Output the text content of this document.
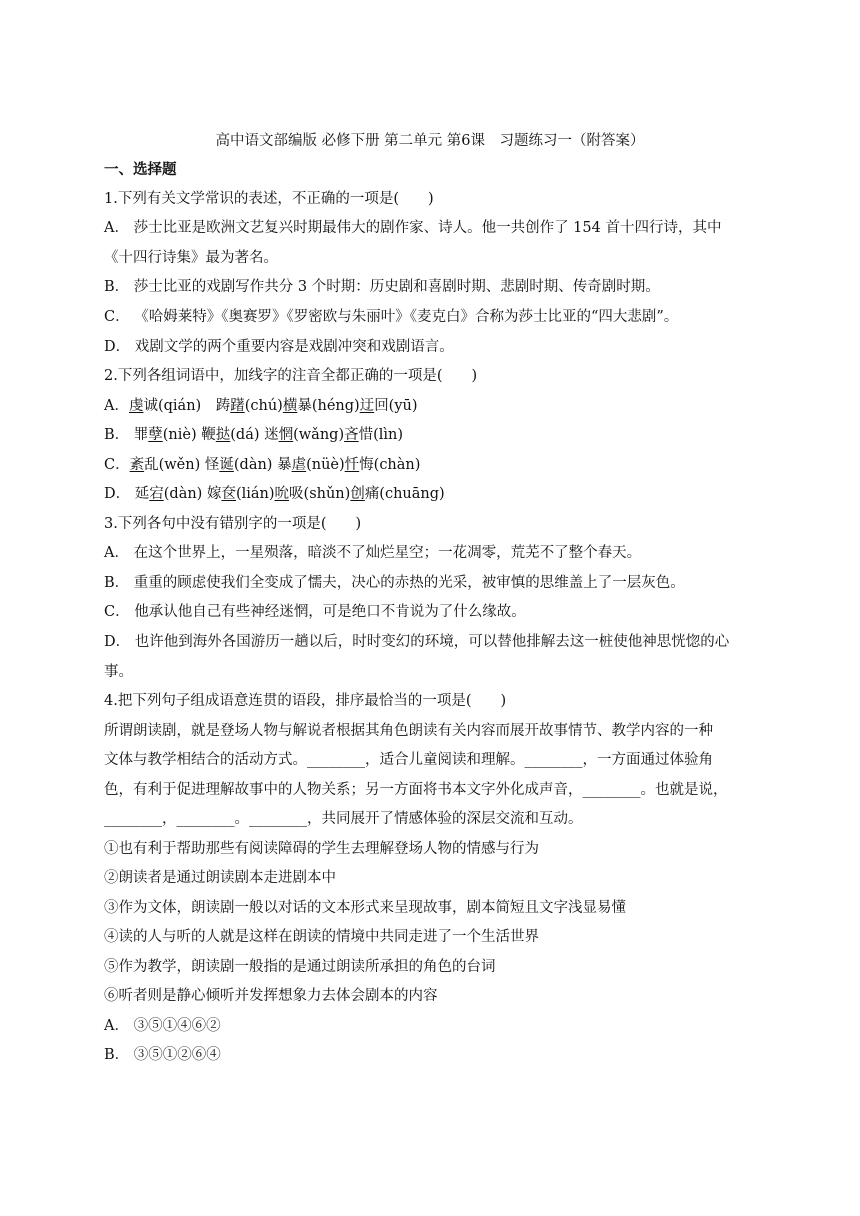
高中语文部编版 必修下册 第二单元 第6课　习题练习一（附答案）
一、选择题
1.下列有关文学常识的表述，不正确的一项是(　　)
A． 莎士比亚是欧洲文艺复兴时期最伟大的剧作家、诗人。他一共创作了 154 首十四行诗，其中
《十四行诗集》最为著名。
B． 莎士比亚的戏剧写作共分 3 个时期：历史剧和喜剧时期、悲剧时期、传奇剧时期。
C． 《哈姆莱特》《奥赛罗》《罗密欧与朱丽叶》《麦克白》合称为莎士比亚的“四大悲剧”。
D． 戏剧文学的两个重要内容是戏剧冲突和戏剧语言。
2.下列各组词语中，加线字的注音全都正确的一项是(　　)
A．虔诚(qián)　踌躇(chú)横暴(héng)迂回(yū)
B． 罪孽(niè) 鞭挞(dá) 迷惘(wǎng)吝惜(lìn)
C．紊乱(wěn) 怪诞(dàn) 暴虐(nüè)忏悔(chàn)
D． 延宕(dàn) 嫁奁(lián)吮吸(shǔn)创痛(chuāng)
3.下列各句中没有错别字的一项是(　　)
A． 在这个世界上，一星殒落，暗淡不了灿烂星空；一花凋零，荒芜不了整个春天。
B． 重重的顾虑使我们全变成了懦夫，决心的赤热的光采，被审慎的思维盖上了一层灰色。
C． 他承认他自己有些神经迷惘，可是绝口不肯说为了什么缘故。
D． 也许他到海外各国游历一趟以后，时时变幻的环境，可以替他排解去这一桩使他神思恍惚的心
事。
4.把下列句子组成语意连贯的语段，排序最恰当的一项是(　　)
所谓朗读剧，就是登场人物与解说者根据其角色朗读有关内容而展开故事情节、教学内容的一种
文体与教学相结合的活动方式。________，适合儿童阅读和理解。________，一方面通过体验角
色，有利于促进理解故事中的人物关系；另一方面将书本文字外化成声音，________。也就是说，
________，________。________，共同展开了情感体验的深层交流和互动。
①也有利于帮助那些有阅读障碍的学生去理解登场人物的情感与行为
②朗读者是通过朗读剧本走进剧本中
③作为文体，朗读剧一般以对话的文本形式来呈现故事，剧本简短且文字浅显易懂
④读的人与听的人就是这样在朗读的情境中共同走进了一个生活世界
⑤作为教学，朗读剧一般指的是通过朗读所承担的角色的台词
⑥听者则是静心倾听并发挥想象力去体会剧本的内容
A． ③⑤①④⑥②
B． ③⑤①②⑥④
